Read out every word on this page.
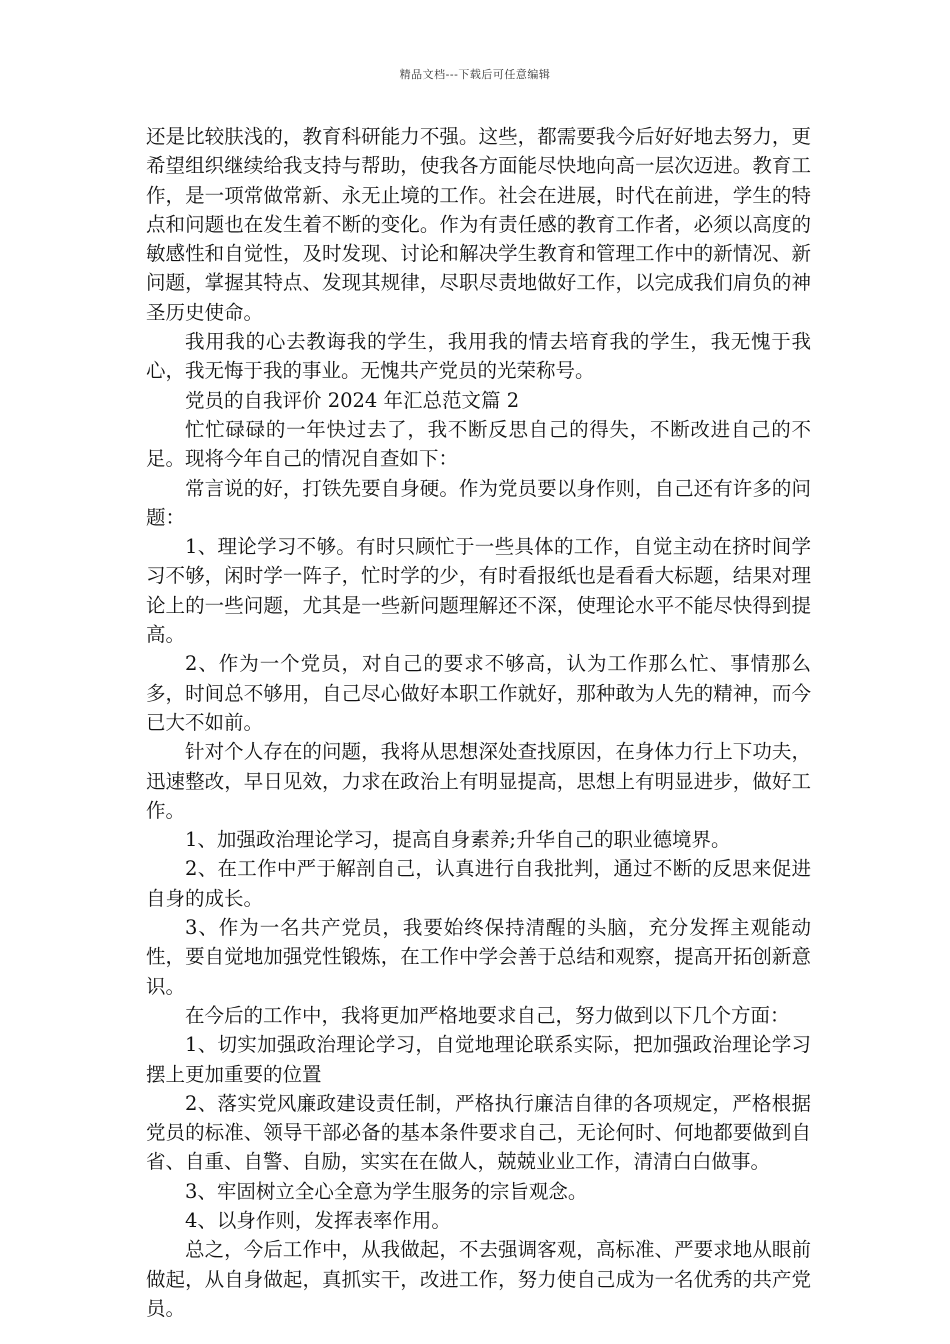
精品文档---下载后可任意编辑

还是比较肤浅的，教育科研能力不强。这些，都需要我今后好好地去努力，更希望组织继续给我支持与帮助，使我各方面能尽快地向高一层次迈进。教育工作，是一项常做常新、永无止境的工作。社会在进展，时代在前进，学生的特点和问题也在发生着不断的变化。作为有责任感的教育工作者，必须以高度的敏感性和自觉性，及时发现、讨论和解决学生教育和管理工作中的新情况、新问题，掌握其特点、发现其规律，尽职尽责地做好工作，以完成我们肩负的神圣历史使命。

我用我的心去教诲我的学生，我用我的情去培育我的学生，我无愧于我心，我无悔于我的事业。无愧共产党员的光荣称号。

党员的自我评价 2024 年汇总范文篇 2

忙忙碌碌的一年快过去了，我不断反思自己的得失，不断改进自己的不足。现将今年自己的情况自查如下：

常言说的好，打铁先要自身硬。作为党员要以身作则，自己还有许多的问题：

1、理论学习不够。有时只顾忙于一些具体的工作，自觉主动在挤时间学习不够，闲时学一阵子，忙时学的少，有时看报纸也是看看大标题，结果对理论上的一些问题，尤其是一些新问题理解还不深，使理论水平不能尽快得到提高。

2、作为一个党员，对自己的要求不够高，认为工作那么忙、事情那么多，时间总不够用，自己尽心做好本职工作就好，那种敢为人先的精神，而今已大不如前。

针对个人存在的问题，我将从思想深处查找原因，在身体力行上下功夫，迅速整改，早日见效，力求在政治上有明显提高，思想上有明显进步，做好工作。

1、加强政治理论学习，提高自身素养;升华自己的职业德境界。

2、在工作中严于解剖自己，认真进行自我批判，通过不断的反思来促进自身的成长。

3、作为一名共产党员，我要始终保持清醒的头脑，充分发挥主观能动性，要自觉地加强党性锻炼，在工作中学会善于总结和观察，提高开拓创新意识。

在今后的工作中，我将更加严格地要求自己，努力做到以下几个方面：

1、切实加强政治理论学习，自觉地理论联系实际，把加强政治理论学习摆上更加重要的位置

2、落实党风廉政建设责任制，严格执行廉洁自律的各项规定，严格根据党员的标准、领导干部必备的基本条件要求自己，无论何时、何地都要做到自省、自重、自警、自励，实实在在做人，兢兢业业工作，清清白白做事。

3、牢固树立全心全意为学生服务的宗旨观念。

4、以身作则，发挥表率作用。

总之，今后工作中，从我做起，不去强调客观，高标准、严要求地从眼前做起，从自身做起，真抓实干，改进工作，努力使自己成为一名优秀的共产党员。
